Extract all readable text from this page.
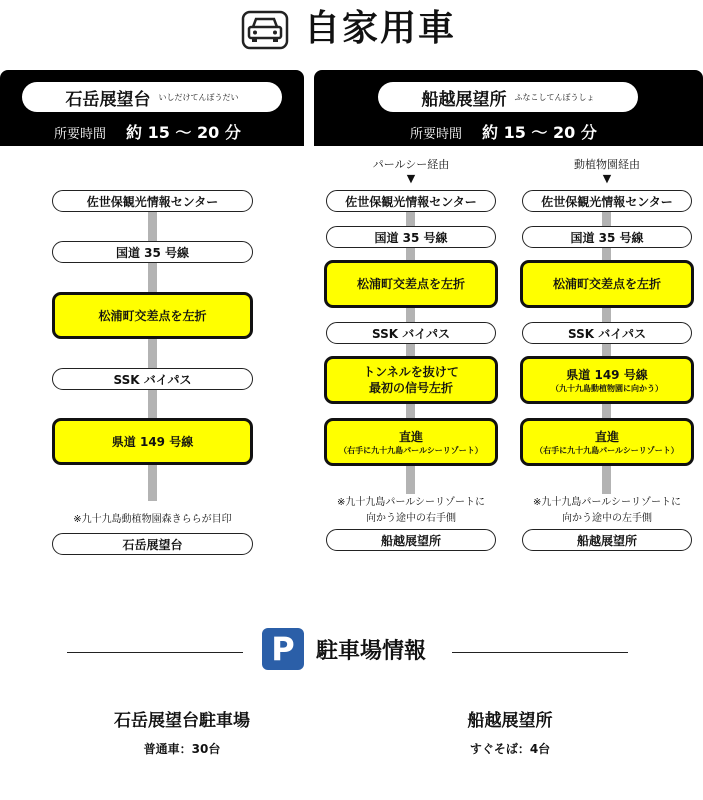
自家用車
石岳展望台 いしだけてんぼうだい
所要時間 約 15 ～ 20 分
船越展望所 ふなこしてんぼうしょ
所要時間 約 15 ～ 20 分
佐世保観光情報センター
国道 35 号線
松浦町交差点を左折
SSK バイパス
県道 149 号線
※九十九島動植物園森きららが目印
石岳展望台
パールシー経由
▼
佐世保観光情報センター
国道 35 号線
松浦町交差点を左折
SSK バイパス
トンネルを抜けて
最初の信号左折
直進
（右手に九十九島パールシーリゾート）
※九十九島パールシーリゾートに
向かう途中の右手側
船越展望所
動植物園経由
▼
佐世保観光情報センター
国道 35 号線
松浦町交差点を左折
SSK バイパス
県道 149 号線
（九十九島動植物園に向かう）
直進
（右手に九十九島パールシーリゾート）
※九十九島パールシーリゾートに
向かう途中の左手側
船越展望所
P 駐車場情報
石岳展望台駐車場
普通車：30台
船越展望所
すぐそば：4台
